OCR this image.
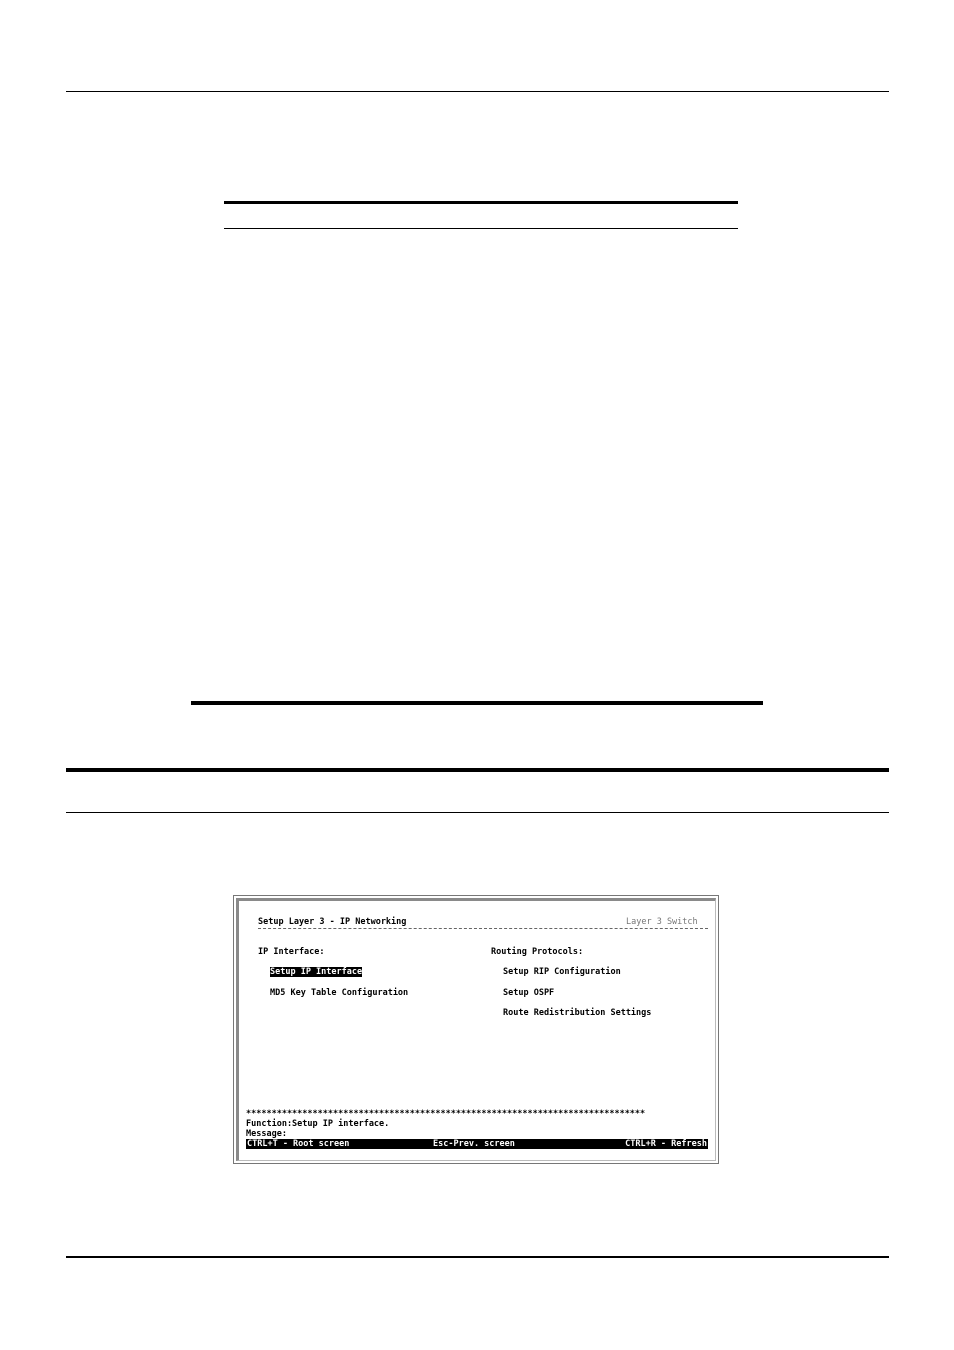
Setup Layer 3 - IP Networking	Layer 3 Switch
IP Interface:
Setup IP Interface
MD5 Key Table Configuration
Routing Protocols:
Setup RIP Configuration
Setup OSPF
Route Redistribution Settings
******************************************************************************
Function:Setup IP interface.
Message:

CTRL+T - Root screen

	Esc-Prev. screen

	CTRL+R - Refresh
